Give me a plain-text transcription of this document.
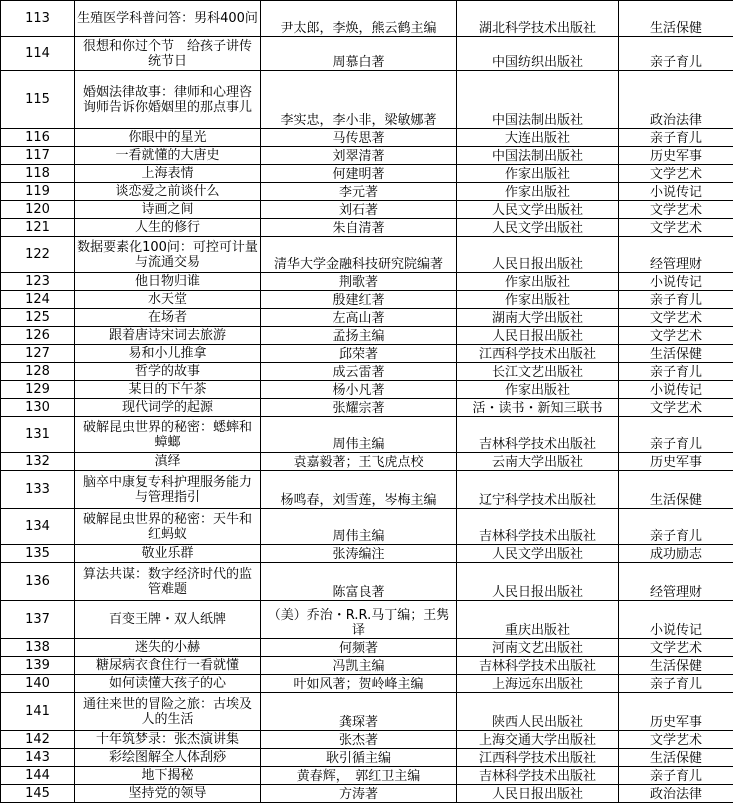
113	生殖医学科普问答：男科400问	尹太郎，李焕，熊云鹤主编	湖北科学技术出版社	生活保健
114	很想和你过个节　给孩子讲传统节日	周慕白著	中国纺织出版社	亲子育儿
115	婚姻法律故事：律师和心理咨询师告诉你婚姻里的那点事儿	李实忠，李小非，梁敏娜著	中国法制出版社	政治法律
116	你眼中的星光	马传思著	大连出版社	亲子育儿
117	一看就懂的大唐史	刘翠清著	中国法制出版社	历史军事
118	上海表情	何建明著	作家出版社	文学艺术
119	谈恋爱之前谈什么	李元著	作家出版社	小说传记
120	诗画之间	刘石著	人民文学出版社	文学艺术
121	人生的修行	朱自清著	人民文学出版社	文学艺术
122	数据要素化100问：可控可计量与流通交易	清华大学金融科技研究院编著	人民日报出版社	经管理财
123	他日物归谁	荆歌著	作家出版社	小说传记
124	水天堂	殷建红著	作家出版社	亲子育儿
125	在场者	左高山著	湖南大学出版社	文学艺术
126	跟着唐诗宋词去旅游	孟扬主编	人民日报出版社	文学艺术
127	易和小儿推拿	邱荣著	江西科学技术出版社	生活保健
128	哲学的故事	成云雷著	长江文艺出版社	亲子育儿
129	某日的下午茶	杨小凡著	作家出版社	小说传记
130	现代词学的起源	张耀宗著	活・读书・新知三联书	文学艺术
131	破解昆虫世界的秘密：蟋蟀和蟑螂	周伟主编	吉林科学技术出版社	亲子育儿
132	滇绎	袁嘉毅著；王飞虎点校	云南大学出版社	历史军事
133	脑卒中康复专科护理服务能力与管理指引	杨鸣春，刘雪莲，岑梅主编	辽宁科学技术出版社	生活保健
134	破解昆虫世界的秘密：天牛和红蚂蚁	周伟主编	吉林科学技术出版社	亲子育儿
135	敬业乐群	张涛编注	人民文学出版社	成功励志
136	算法共谋：数字经济时代的监管难题	陈富良著	人民日报出版社	经管理财
137	百变王牌・双人纸牌	（美）乔治・R.R.马丁编；王隽译	重庆出版社	小说传记
138	迷失的小赫	何频著	河南文艺出版社	文学艺术
139	糖尿病衣食住行一看就懂	冯凯主编	吉林科学技术出版社	生活保健
140	如何读懂大孩子的心	叶如风著；贺岭峰主编	上海远东出版社	亲子育儿
141	通往来世的冒险之旅：古埃及人的生活	龚琛著	陕西人民出版社	历史军事
142	十年筑梦录：张杰演讲集	张杰著	上海交通大学出版社	文学艺术
143	彩绘图解全人体刮痧	耿引循主编	江西科学技术出版社	生活保健
144	地下揭秘	黄春辉，　郭红卫主编	吉林科学技术出版社	亲子育儿
145	坚持党的领导	方涛著	人民日报出版社	政治法律
